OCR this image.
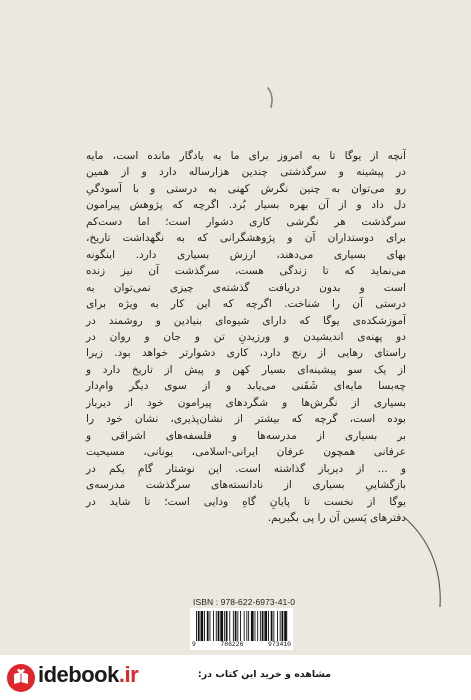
آنچه از یوگا تا به امروز برای ما به یادگار مانده است، مایه
در پیشینه و سرگذشتی چندین هزارساله دارد و از همین
رو می‌توان به چنین نگرش کهنی به درستی و با آسودگیِ
دل داد و از آن بهره بسیار بُرد. اگرچه که پژوهش پیرامون
سرگذشت هر نگرشی کاری دشوار است؛ اما دست‌کم
برای دوستداران آن و پژوهشگرانی که به نگهداشت تاریخ،
بهای بسیاری می‌دهند، ارزش بسیاری دارد. اینگونه
می‌نماید که تا زندگی هست، سرگذشت آن نیز زنده
است و بدون دریافت گذشته‌ی چیزی نمی‌توان به
درستی آن را شناخت. اگرچه که این کار به ویژه برای
آموزشکده‌ی یوگا که دارای شیوه‌ای بنیادین و روشمند در
دو پهنه‌ی اندیشیدن و ورزیدنِ تن و جان و روان در
راستای رهایی از رنج دارد، کاری دشوارتر خواهد بود. زیرا
از یک سو پیشینه‌ای بسیار کهن و پیش از تاریخ دارد و
چه‌بسا مایه‌ای شَفَنی می‌یابد و از سوی دیگر وام‌دار
بسیاری از نگرش‌ها و شگردهای پیرامون خود از دیرباز
بوده است، گرچه که بیشتر از نشان‌پذیری، نشان خود را
بر بسیاری از مدرسه‌ها و فلسفه‌های اشراقی و
عرفانی همچون عرفان ایرانی-اسلامی، یونانی، مسیحیت
و ... از دیرباز گذاشته است. این نوشتار گامِ یکم در
بازگشاییِ بسیاری از نادانسته‌های سرگذشت مدرسه‌ی
یوگا از نخست تا پایانِ گاهِ ودایی است؛ تا شاید در
دفترهای پَسین آن را پی بگیریم.
ISBN : 978-622-6973-41-0
9	786226	973410
idebook.ir	مشاهده و خرید این کتاب در:
